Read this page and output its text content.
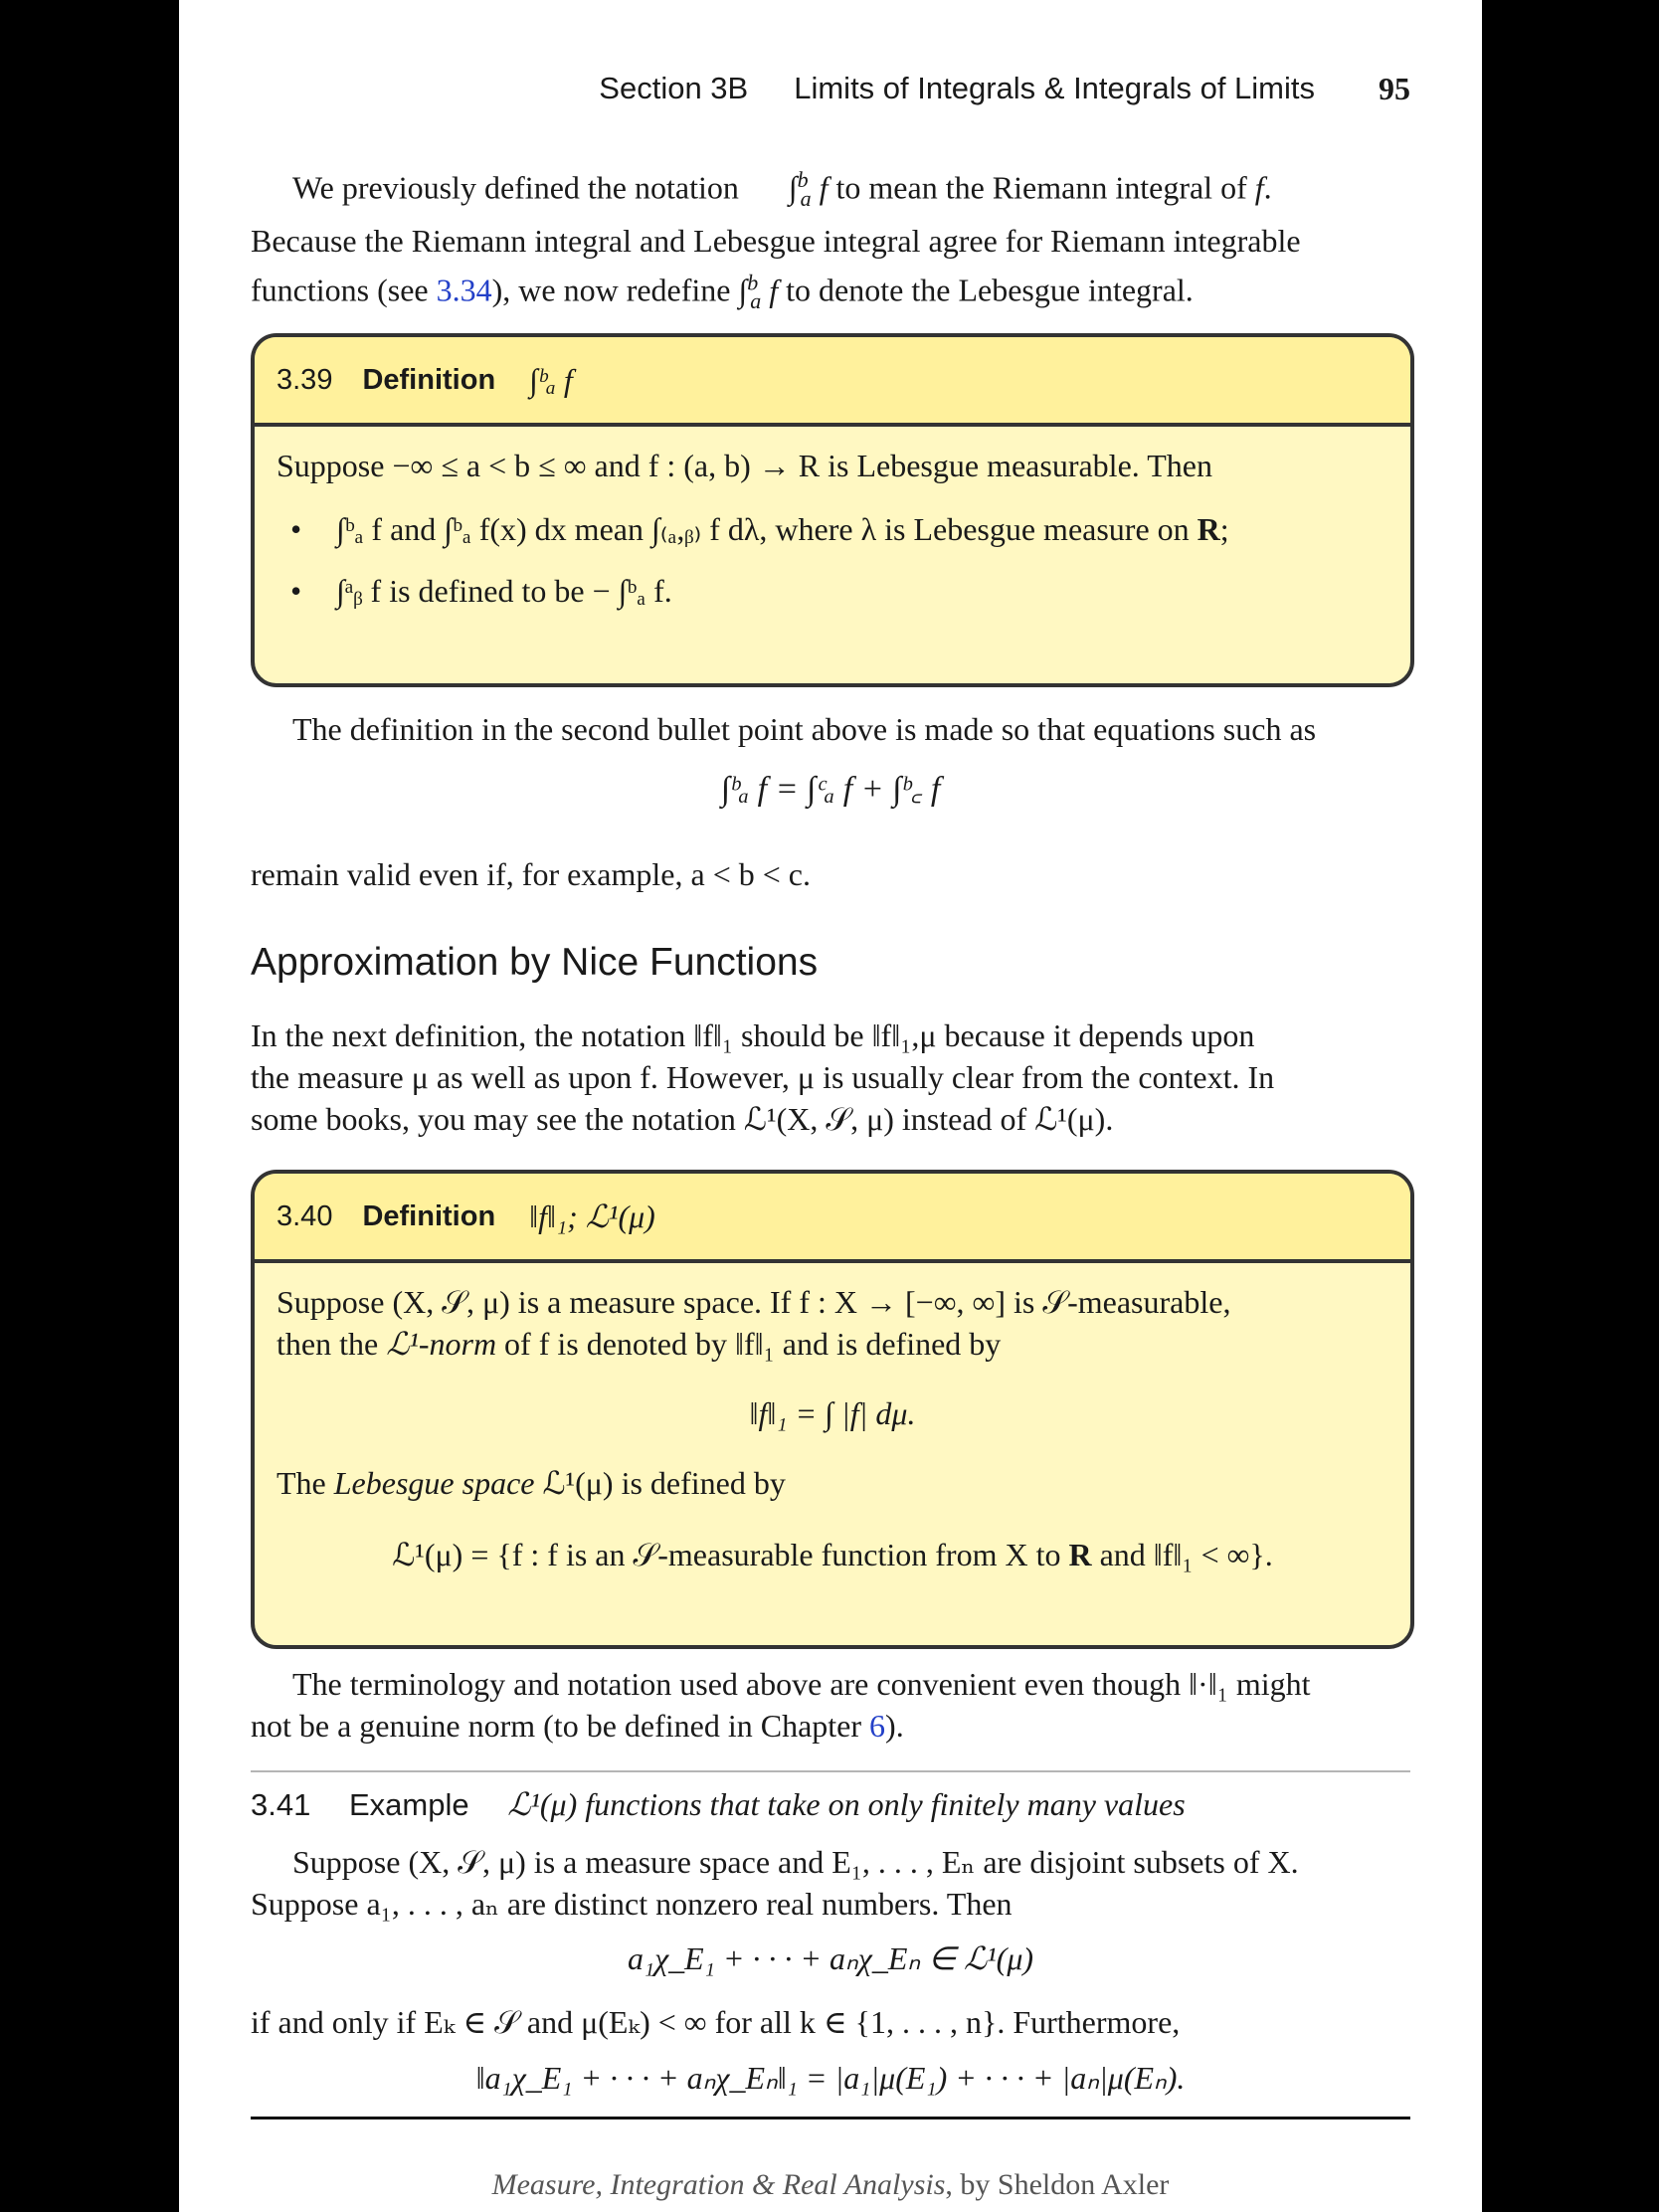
Section 3B Limits of Integrals & Integrals of Limits 95

We previously defined the notation ∫$^b_a$ f to mean the Riemann integral of f.

Because the Riemann integral and Lebesgue integral agree for Riemann integrable

functions (see 3.34), we now redefine ∫$^b_a$ f to denote the Lebesgue integral.

3.39 Definition ∫ᵇₐ f
Suppose −∞ ≤ a < b ≤ ∞ and f : (a, b) → R is Lebesgue measurable. Then
•	∫ᵇₐ f and ∫ᵇₐ f(x) dx mean ∫₍ₐ,ᵦ₎ f dλ, where λ is Lebesgue measure on R;
•	∫ᵃᵦ f is defined to be − ∫ᵇₐ f.

The definition in the second bullet point above is made so that equations such as

∫ᵇₐ f = ∫ᶜₐ f + ∫ᵇ꜀ f

remain valid even if, for example, a < b < c.

Approximation by Nice Functions

In the next definition, the notation ‖f‖₁ should be ‖f‖₁,μ because it depends upon

the measure μ as well as upon f. However, μ is usually clear from the context. In

some books, you may see the notation ℒ¹(X, 𝒮, μ) instead of ℒ¹(μ).

3.40 Definition ‖f‖₁; ℒ¹(μ)
Suppose (X, 𝒮, μ) is a measure space. If f : X → [−∞, ∞] is 𝒮-measurable,
then the ℒ¹-norm of f is denoted by ‖f‖₁ and is defined by
‖f‖₁ = ∫ |f| dμ.
The Lebesgue space ℒ¹(μ) is defined by
ℒ¹(μ) = {f : f is an 𝒮-measurable function from X to R and ‖f‖₁ < ∞}.

The terminology and notation used above are convenient even though ‖·‖₁ might

not be a genuine norm (to be defined in Chapter 6).

3.41 Example ℒ¹(μ) functions that take on only finitely many values

Suppose (X, 𝒮, μ) is a measure space and E₁, . . . , Eₙ are disjoint subsets of X.

Suppose a₁, . . . , aₙ are distinct nonzero real numbers. Then

a₁χ_E₁ + · · · + aₙχ_Eₙ ∈ ℒ¹(μ)

if and only if Eₖ ∈ 𝒮 and μ(Eₖ) < ∞ for all k ∈ {1, . . . , n}. Furthermore,

‖a₁χ_E₁ + · · · + aₙχ_Eₙ‖₁ = |a₁|μ(E₁) + · · · + |aₙ|μ(Eₙ).
Measure, Integration & Real Analysis, by Sheldon Axler
